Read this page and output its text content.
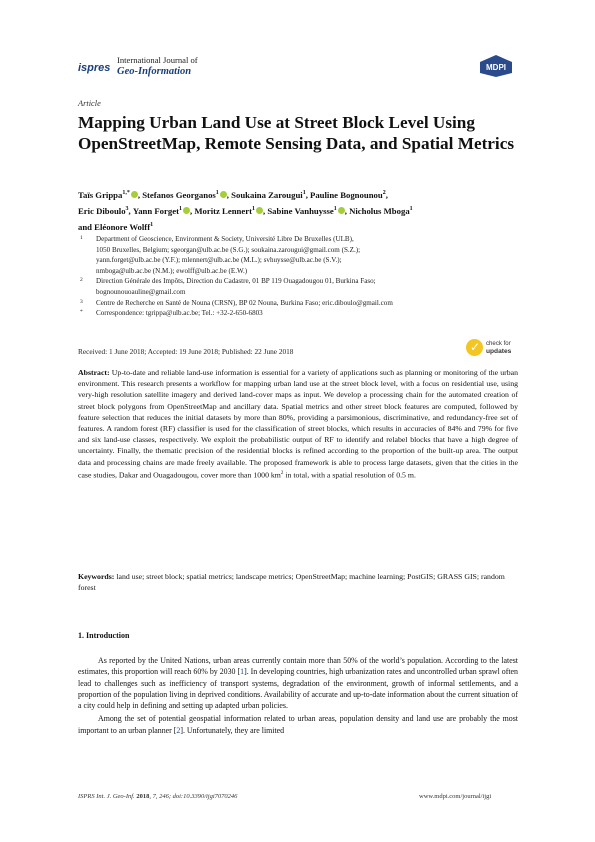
ispres
International Journal of
Geo-Information	MDPI
Article
Mapping Urban Land Use at Street Block Level Using OpenStreetMap, Remote Sensing Data, and Spatial Metrics
Taïs Grippa$^{1,*}$ , Stefanos Georganos$^1$ , Soukaina Zarougui$^1$, Pauline Bognounou$^2$,
Eric Diboulo$^3$, Yann Forget$^1$ , Moritz Lennert$^1$ , Sabine Vanhuysse$^1$ , Nicholus Mboga$^1$
and Eléonore Wolff$^1$
1 Department of Geoscience, Environment & Society, Université Libre De Bruxelles (ULB),
1050 Bruxelles, Belgium; sgeorgan@ulb.ac.be (S.G.); soukaina.zarougui@gmail.com (S.Z.);
yann.forget@ulb.ac.be (Y.F.); mlennert@ulb.ac.be (M.L.); svhuysse@ulb.ac.be (S.V.);
nmboga@ulb.ac.be (N.M.); ewolff@ulb.ac.be (E.W.)
2 Direction Générale des Impôts, Direction du Cadastre, 01 BP 119 Ouagadougou 01, Burkina Faso;
bognounouoauline@gmail.com
3 Centre de Recherche en Santé de Nouna (CRSN), BP 02 Nouna, Burkina Faso; eric.diboulo@gmail.com
* Correspondence: tgrippa@ulb.ac.be; Tel.: +32-2-650-6803
Received: 1 June 2018; Accepted: 19 June 2018; Published: 22 June 2018	✓ check for
updates
Abstract: Up-to-date and reliable land-use information is essential for a variety of applications such as planning or monitoring of the urban environment. This research presents a workflow for mapping urban land use at the street block level, with a focus on residential use, using very-high resolution satellite imagery and derived land-cover maps as input. We develop a processing chain for the automated creation of street block polygons from OpenStreetMap and ancillary data. Spatial metrics and other street block features are computed, followed by feature selection that reduces the initial datasets by more than 80%, providing a parsimonious, discriminative, and redundancy-free set of features. A random forest (RF) classifier is used for the classification of street blocks, which results in accuracies of 84% and 79% for five and six land-use classes, respectively. We exploit the probabilistic output of RF to identify and relabel blocks that have a high degree of uncertainty. Finally, the thematic precision of the residential blocks is refined according to the proportion of the built-up area. The output data and processing chains are made freely available. The proposed framework is able to process large datasets, given that the cities in the case studies, Dakar and Ouagadougou, cover more than 1000 $km^2$ in total, with a spatial resolution of 0.5 m.
Keywords: land use; street block; spatial metrics; landscape metrics; OpenStreetMap; machine learning; PostGIS; GRASS GIS; random forest
1. Introduction

As reported by the United Nations, urban areas currently contain more than 50% of the world’s population. According to the latest estimates, this proportion will reach 60% by 2030 [1]. In developing countries, high urbanization rates and uncontrolled urban sprawl often lead to challenges such as inefficiency of transport systems, degradation of the environment, growth of informal settlements, and a proportion of the population living in deprived conditions. Availability of accurate and up-to-date information about the current situation of a city could help in defining and setting up adapted urban policies.

Among the set of potential geospatial information related to urban areas, population density and land use are probably the most important to an urban planner [2]. Unfortunately, they are limited

ISPRS Int. J. Geo-Inf. 2018, 7, 246; doi:10.3390/ijgi7070246	www.mdpi.com/journal/ijgi
